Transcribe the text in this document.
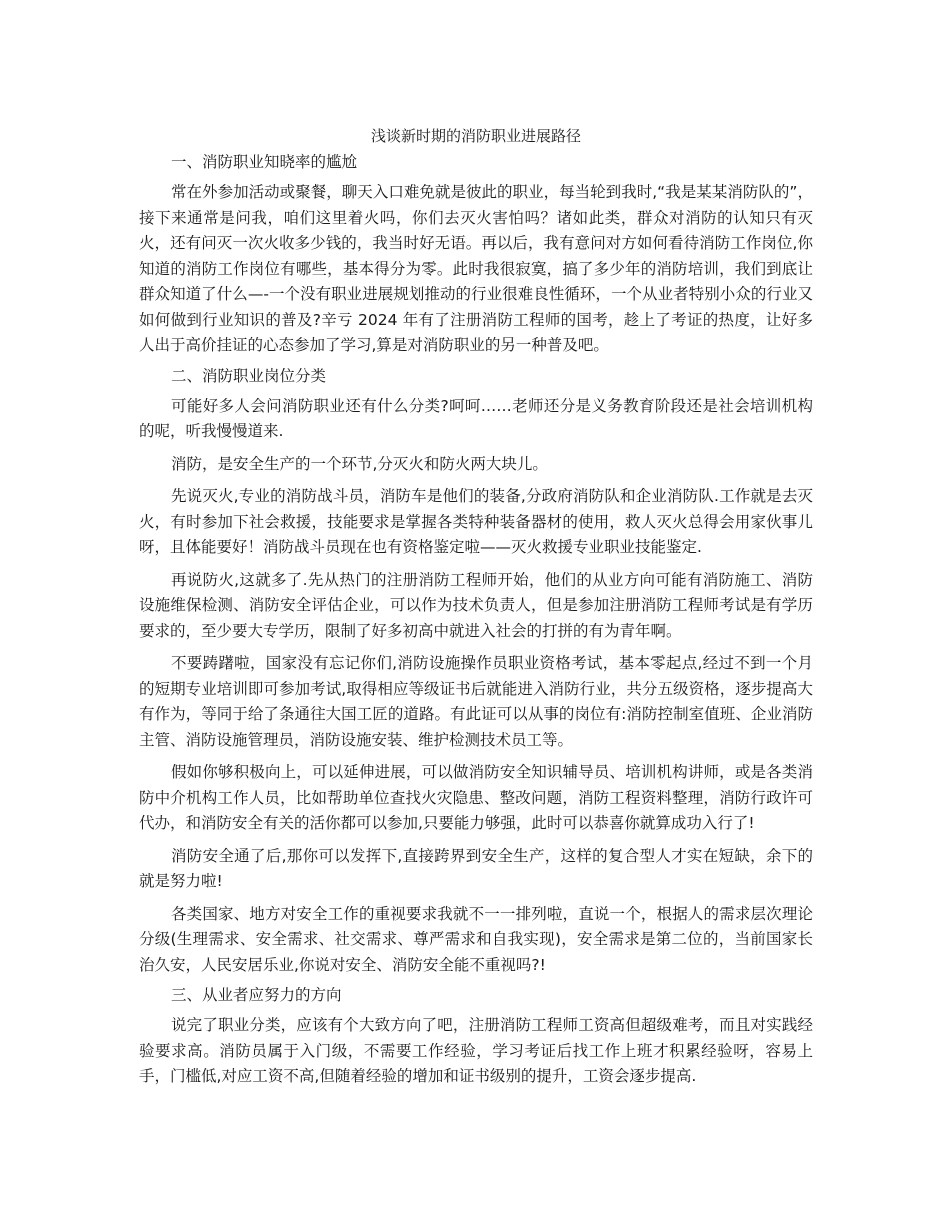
浅谈新时期的消防职业进展路径
一、消防职业知晓率的尴尬

常在外参加活动或聚餐，聊天入口难免就是彼此的职业，每当轮到我时,“我是某某消防队的”，接下来通常是问我，咱们这里着火吗，你们去灭火害怕吗？诸如此类，群众对消防的认知只有灭火，还有问灭一次火收多少钱的，我当时好无语。再以后，我有意问对方如何看待消防工作岗位,你知道的消防工作岗位有哪些，基本得分为零。此时我很寂寞，搞了多少年的消防培训，我们到底让群众知道了什么—-一个没有职业进展规划推动的行业很难良性循环，一个从业者特别小众的行业又如何做到行业知识的普及?辛亏 2024 年有了注册消防工程师的国考，趁上了考证的热度，让好多人出于高价挂证的心态参加了学习,算是对消防职业的另一种普及吧。

二、消防职业岗位分类

可能好多人会问消防职业还有什么分类?呵呵……老师还分是义务教育阶段还是社会培训机构的呢，听我慢慢道来.

消防，是安全生产的一个环节,分灭火和防火两大块儿。

先说灭火,专业的消防战斗员，消防车是他们的装备,分政府消防队和企业消防队.工作就是去灭火，有时参加下社会救援，技能要求是掌握各类特种装备器材的使用，救人灭火总得会用家伙事儿呀，且体能要好！消防战斗员现在也有资格鉴定啦——灭火救援专业职业技能鉴定.

再说防火,这就多了.先从热门的注册消防工程师开始，他们的从业方向可能有消防施工、消防设施维保检测、消防安全评估企业，可以作为技术负责人，但是参加注册消防工程师考试是有学历要求的，至少要大专学历，限制了好多初高中就进入社会的打拼的有为青年啊。

不要踌躇啦，国家没有忘记你们,消防设施操作员职业资格考试，基本零起点,经过不到一个月的短期专业培训即可参加考试,取得相应等级证书后就能进入消防行业，共分五级资格，逐步提高大有作为，等同于给了条通往大国工匠的道路。有此证可以从事的岗位有:消防控制室值班、企业消防主管、消防设施管理员，消防设施安装、维护检测技术员工等。

假如你够积极向上，可以延伸进展，可以做消防安全知识辅导员、培训机构讲师，或是各类消防中介机构工作人员，比如帮助单位查找火灾隐患、整改问题，消防工程资料整理，消防行政许可代办，和消防安全有关的活你都可以参加,只要能力够强，此时可以恭喜你就算成功入行了!

消防安全通了后,那你可以发挥下,直接跨界到安全生产，这样的复合型人才实在短缺，余下的就是努力啦!

各类国家、地方对安全工作的重视要求我就不一一排列啦，直说一个，根据人的需求层次理论分级(生理需求、安全需求、社交需求、尊严需求和自我实现)，安全需求是第二位的，当前国家长治久安，人民安居乐业,你说对安全、消防安全能不重视吗?!

三、从业者应努力的方向

说完了职业分类，应该有个大致方向了吧，注册消防工程师工资高但超级难考，而且对实践经验要求高。消防员属于入门级，不需要工作经验，学习考证后找工作上班才积累经验呀，容易上手，门槛低,对应工资不高,但随着经验的增加和证书级别的提升，工资会逐步提高.
